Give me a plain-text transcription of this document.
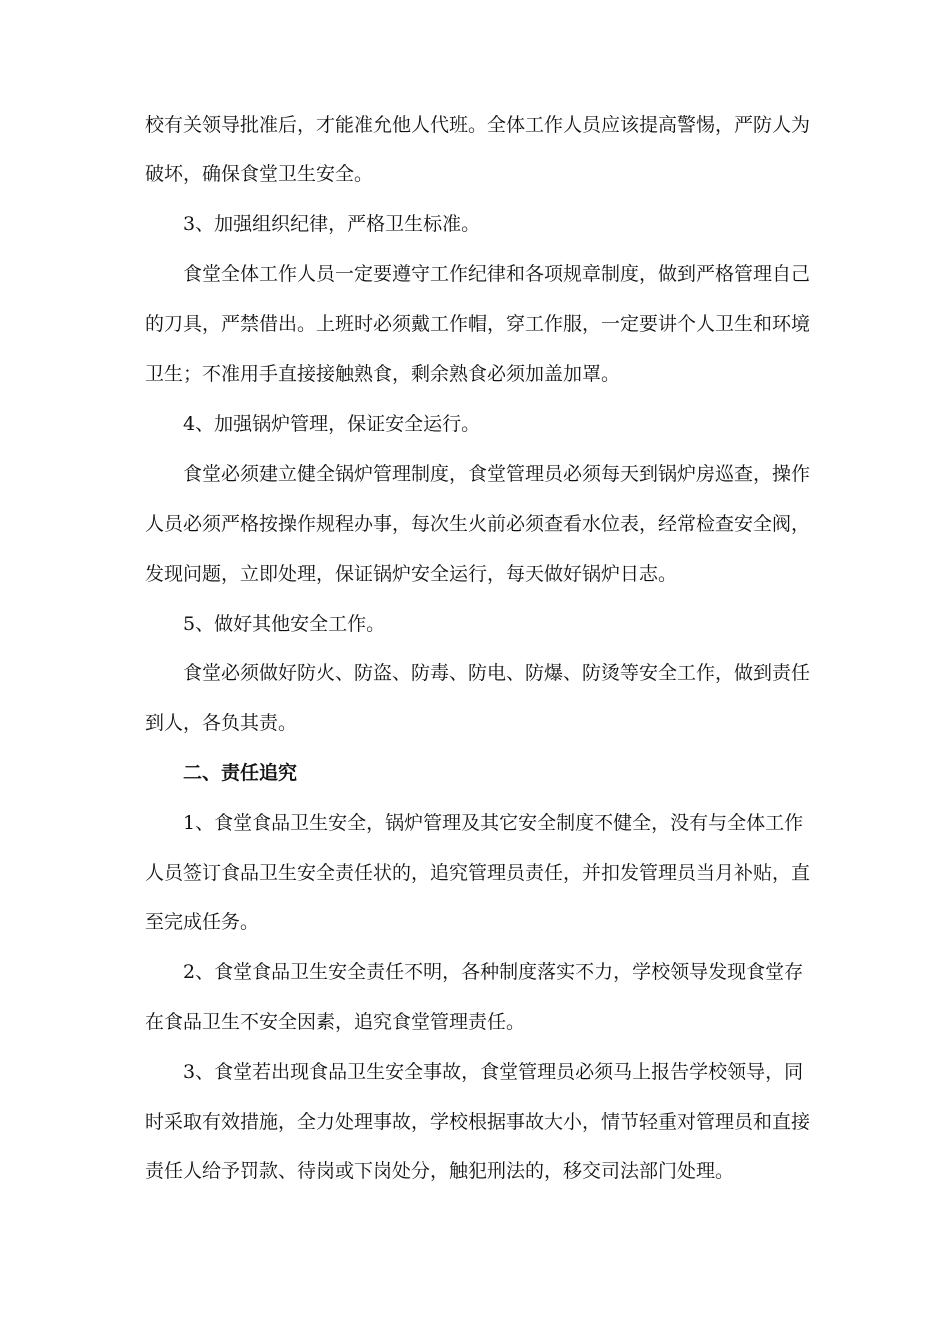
校有关领导批准后，才能准允他人代班。全体工作人员应该提高警惕，严防人为
破坏，确保食堂卫生安全。
3、加强组织纪律，严格卫生标准。
食堂全体工作人员一定要遵守工作纪律和各项规章制度，做到严格管理自己
的刀具，严禁借出。上班时必须戴工作帽，穿工作服，一定要讲个人卫生和环境
卫生；不准用手直接接触熟食，剩余熟食必须加盖加罩。
4、加强锅炉管理，保证安全运行。
食堂必须建立健全锅炉管理制度，食堂管理员必须每天到锅炉房巡查，操作
人员必须严格按操作规程办事，每次生火前必须查看水位表，经常检查安全阀，
发现问题，立即处理，保证锅炉安全运行，每天做好锅炉日志。
5、做好其他安全工作。
食堂必须做好防火、防盗、防毒、防电、防爆、防烫等安全工作，做到责任
到人，各负其责。
二、责任追究
1、食堂食品卫生安全，锅炉管理及其它安全制度不健全，没有与全体工作
人员签订食品卫生安全责任状的，追究管理员责任，并扣发管理员当月补贴，直
至完成任务。
2、食堂食品卫生安全责任不明，各种制度落实不力，学校领导发现食堂存
在食品卫生不安全因素，追究食堂管理责任。
3、食堂若出现食品卫生安全事故，食堂管理员必须马上报告学校领导，同
时采取有效措施，全力处理事故，学校根据事故大小，情节轻重对管理员和直接
责任人给予罚款、待岗或下岗处分，触犯刑法的，移交司法部门处理。
